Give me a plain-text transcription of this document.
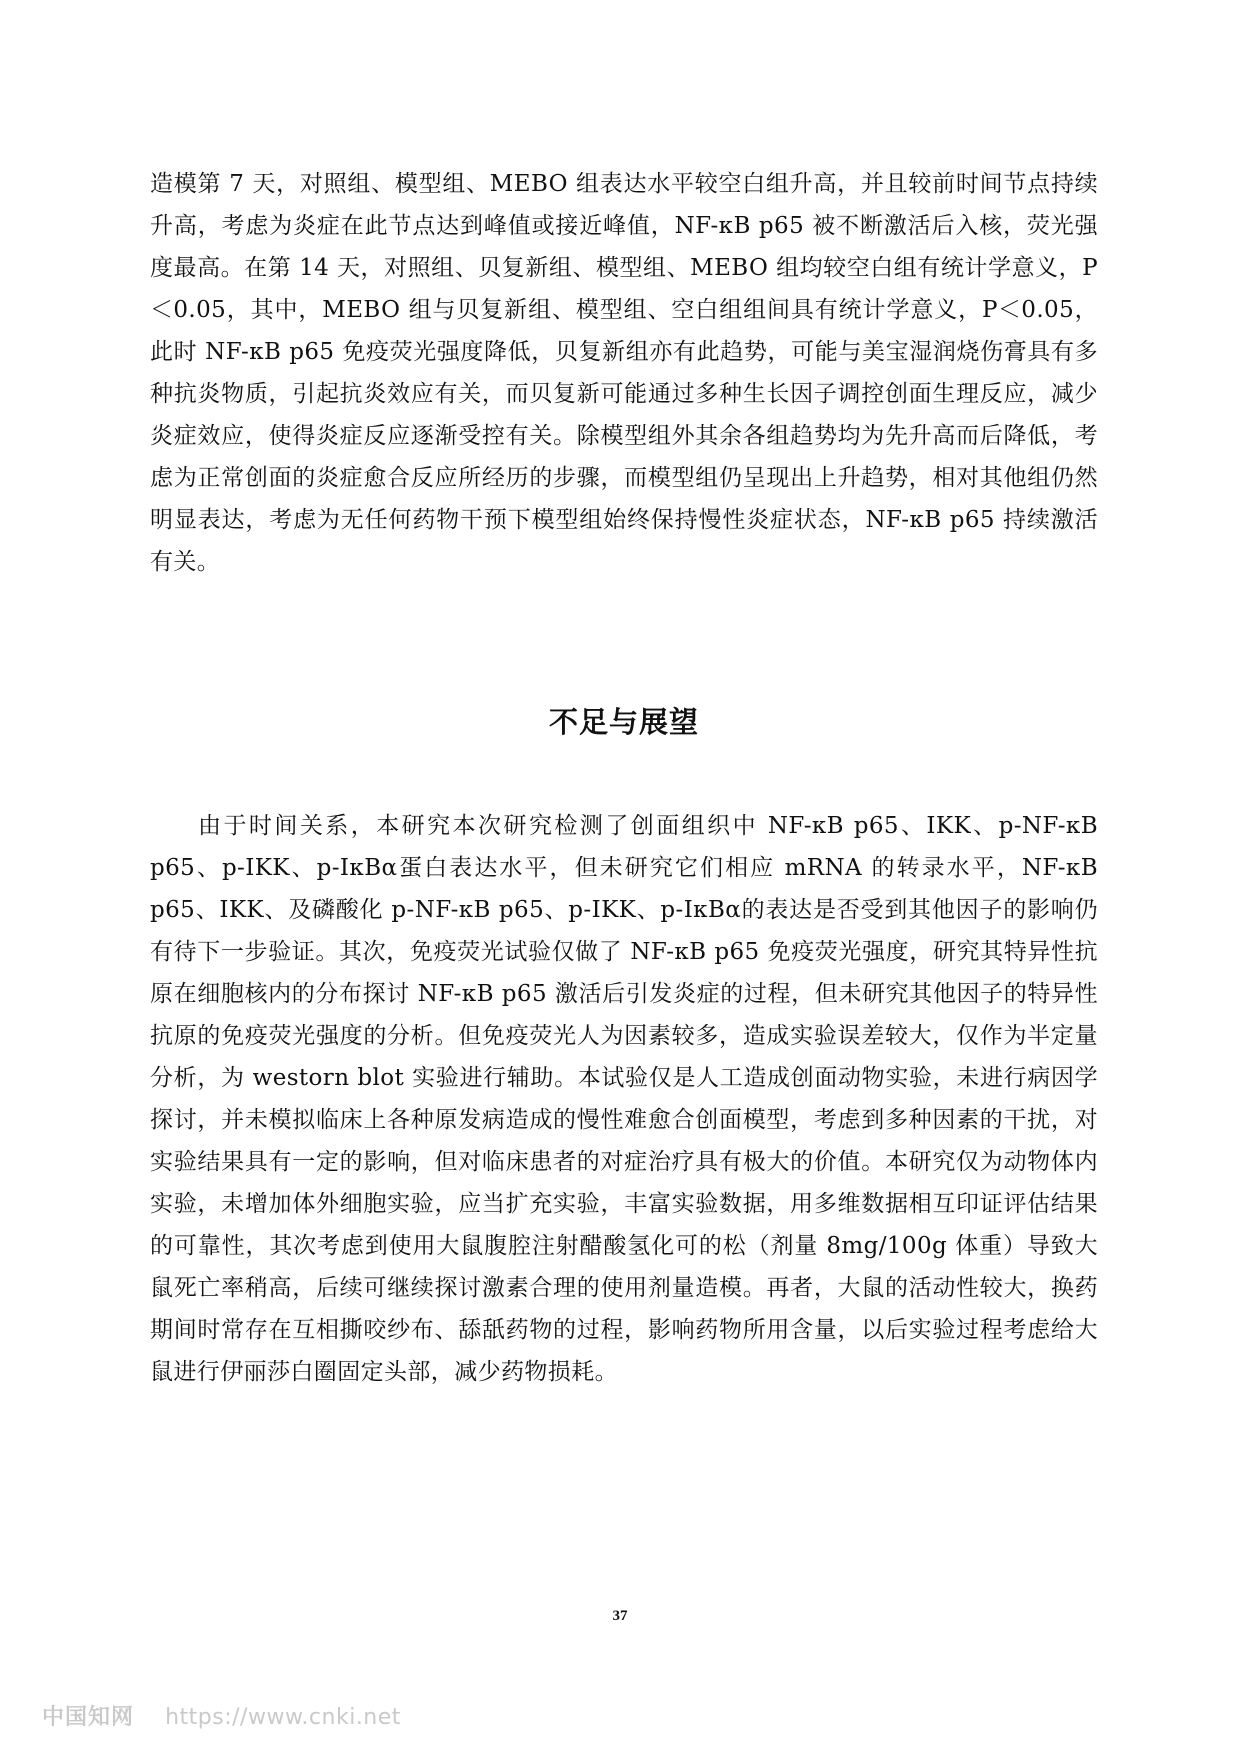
造模第 7 天，对照组、模型组、MEBO 组表达水平较空白组升高，并且较前时间节点持续升高，考虑为炎症在此节点达到峰值或接近峰值，NF-κB p65 被不断激活后入核，荧光强度最高。在第 14 天，对照组、贝复新组、模型组、MEBO 组均较空白组有统计学意义，P＜0.05，其中，MEBO 组与贝复新组、模型组、空白组组间具有统计学意义，P＜0.05，此时 NF-κB p65 免疫荧光强度降低，贝复新组亦有此趋势，可能与美宝湿润烧伤膏具有多种抗炎物质，引起抗炎效应有关，而贝复新可能通过多种生长因子调控创面生理反应，减少炎症效应，使得炎症反应逐渐受控有关。除模型组外其余各组趋势均为先升高而后降低，考虑为正常创面的炎症愈合反应所经历的步骤，而模型组仍呈现出上升趋势，相对其他组仍然明显表达，考虑为无任何药物干预下模型组始终保持慢性炎症状态，NF-κB p65 持续激活有关。

不足与展望

由于时间关系，本研究本次研究检测了创面组织中 NF-κB p65、IKK、p-NF-κB p65、p-IKK、p-IκBα蛋白表达水平，但未研究它们相应 mRNA 的转录水平，NF-κB p65、IKK、及磷酸化 p-NF-κB p65、p-IKK、p-IκBα的表达是否受到其他因子的影响仍有待下一步验证。其次，免疫荧光试验仅做了 NF-κB p65 免疫荧光强度，研究其特异性抗原在细胞核内的分布探讨 NF-κB p65 激活后引发炎症的过程，但未研究其他因子的特异性抗原的免疫荧光强度的分析。但免疫荧光人为因素较多，造成实验误差较大，仅作为半定量分析，为 westorn blot 实验进行辅助。本试验仅是人工造成创面动物实验，未进行病因学探讨，并未模拟临床上各种原发病造成的慢性难愈合创面模型，考虑到多种因素的干扰，对实验结果具有一定的影响，但对临床患者的对症治疗具有极大的价值。本研究仅为动物体内实验，未增加体外细胞实验，应当扩充实验，丰富实验数据，用多维数据相互印证评估结果的可靠性，其次考虑到使用大鼠腹腔注射醋酸氢化可的松（剂量 8mg/100g 体重）导致大鼠死亡率稍高，后续可继续探讨激素合理的使用剂量造模。再者，大鼠的活动性较大，换药期间时常存在互相撕咬纱布、舔舐药物的过程，影响药物所用含量，以后实验过程考虑给大鼠进行伊丽莎白圈固定头部，减少药物损耗。

37
中国知网 https://www.cnki.net
